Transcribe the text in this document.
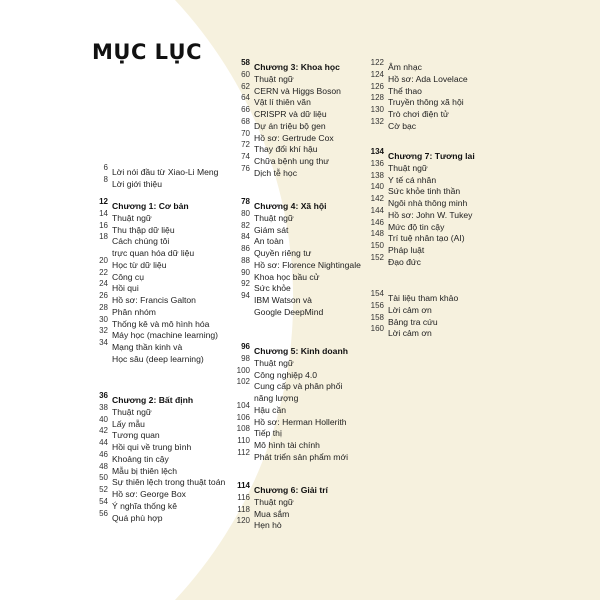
MỤC LỤC
6 Lời nói đầu từ Xiao-Li Meng
8 Lời giới thiệu
12 Chương 1: Cơ bản
14 Thuật ngữ
16 Thu thập dữ liệu
18 Cách chúng tôi
trực quan hóa dữ liệu
20 Học từ dữ liệu
22 Công cụ
24 Hồi qui
26 Hồ sơ: Francis Galton
28 Phân nhóm
30 Thống kê và mô hình hóa
32 Máy học (machine learning)
34 Mạng thần kinh và
Học sâu (deep learning)
36 Chương 2: Bất định
38 Thuật ngữ
40 Lấy mẫu
42 Tương quan
44 Hồi qui về trung bình
46 Khoảng tin cậy
48 Mẫu bị thiên lệch
50 Sự thiên lệch trong thuật toán
52 Hồ sơ: George Box
54 Ý nghĩa thống kê
56 Quá phù hợp
58 Chương 3: Khoa học
60 Thuật ngữ
62 CERN và Higgs Boson
64 Vật lí thiên văn
66 CRISPR và dữ liệu
68 Dự án triệu bộ gen
70 Hồ sơ: Gertrude Cox
72 Thay đổi khí hậu
74 Chữa bệnh ung thư
76 Dịch tễ học
78 Chương 4: Xã hội
80 Thuật ngữ
82 Giám sát
84 An toàn
86 Quyền riêng tư
88 Hồ sơ: Florence Nightingale
90 Khoa học bầu cử
92 Sức khỏe
94 IBM Watson và
Google DeepMind
96 Chương 5: Kinh doanh
98 Thuật ngữ
100 Công nghiệp 4.0
102 Cung cấp và phân phối
năng lượng
104 Hậu cần
106 Hồ sơ: Herman Hollerith
108 Tiếp thị
110 Mô hình tài chính
112 Phát triển sản phẩm mới
114 Chương 6: Giải trí
116 Thuật ngữ
118 Mua sắm
120 Hẹn hò
122 Âm nhạc
124 Hồ sơ: Ada Lovelace
126 Thể thao
128 Truyền thông xã hội
130 Trò chơi điện tử
132 Cờ bạc
134 Chương 7: Tương lai
136 Thuật ngữ
138 Y tế cá nhân
140 Sức khỏe tinh thần
142 Ngôi nhà thông minh
144 Hồ sơ: John W. Tukey
146 Mức độ tin cậy
148 Trí tuệ nhân tạo (AI)
150 Pháp luật
152 Đạo đức
154 Tài liệu tham khảo
156 Lời cảm ơn
158 Bảng tra cứu
160 Lời cảm ơn
